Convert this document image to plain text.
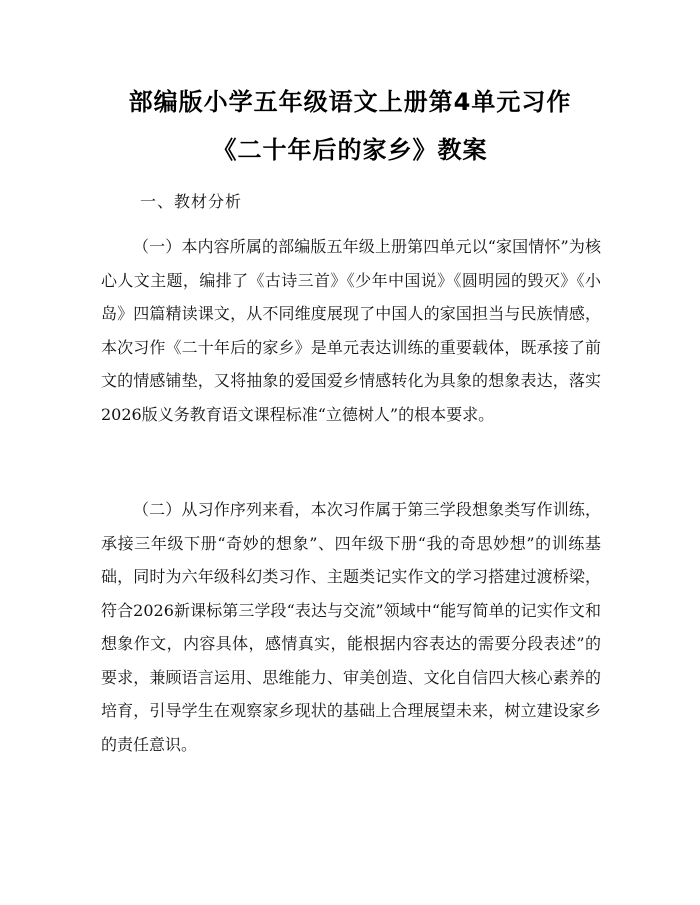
部编版小学五年级语文上册第4单元习作
《二十年后的家乡》教案
一、教材分析

（一）本内容所属的部编版五年级上册第四单元以“家国情怀”为核心人文主题，编排了《古诗三首》《少年中国说》《圆明园的毁灭》《小岛》四篇精读课文，从不同维度展现了中国人的家国担当与民族情感，本次习作《二十年后的家乡》是单元表达训练的重要载体，既承接了前文的情感铺垫，又将抽象的爱国爱乡情感转化为具象的想象表达，落实2026版义务教育语文课程标准“立德树人”的根本要求。

（二）从习作序列来看，本次习作属于第三学段想象类写作训练，承接三年级下册“奇妙的想象”、四年级下册“我的奇思妙想”的训练基础，同时为六年级科幻类习作、主题类记实作文的学习搭建过渡桥梁，符合2026新课标第三学段“表达与交流”领域中“能写简单的记实作文和想象作文，内容具体，感情真实，能根据内容表达的需要分段表述”的要求，兼顾语言运用、思维能力、审美创造、文化自信四大核心素养的培育，引导学生在观察家乡现状的基础上合理展望未来，树立建设家乡的责任意识。
